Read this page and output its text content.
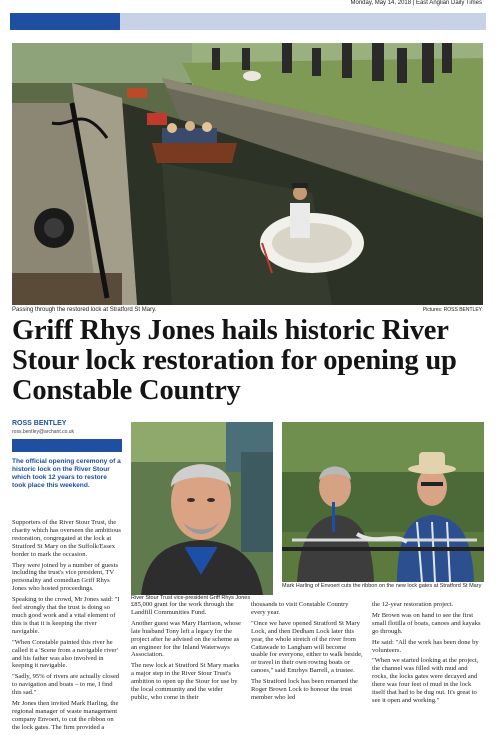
Monday, May 14, 2018 | East Anglian Daily Times
Passing through the restored lock at Stratford St Mary.	Pictures: ROSS BENTLEY
Griff Rhys Jones hails historic River Stour lock restoration for opening up Constable Country
ROSS BENTLEY
ross.bentley@archant.co.uk
The official opening ceremony of a historic lock on the River Stour which took 12 years to restore took place this weekend.

Supporters of the River Stour Trust, the charity which has overseen the ambitious restoration, congregated at the lock at Stratford St Mary on the Suffolk/Essex border to mark the occasion.

They were joined by a number of guests including the trust's vice president, TV personality and comedian Griff Rhys Jones who hosted proceedings.

Speaking to the crowd, Mr Jones said: "I feel strongly that the trust is doing so much good work and a vital element of this is that it is keeping the river navigable.

"When Constable painted this river he called it a 'Scene from a navigable river' and his father was also involved in keeping it navigable.

"Sadly, 95% of rivers are actually closed to navigation and boats – to me, I find this sad."

Mr Jones then invited Mark Harling, the regional manager of waste management company Envoert, to cut the ribbon on the lock gates. The firm provided a

River Stour Trust vice-president Griff Rhys Jones
Mark Harling of Envoert cuts the ribbon on the new lock gates at Stratford St Mary

£85,000 grant for the work through the Landfill Communities Fund.

Another guest was Mary Harrison, whose late husband Tony left a legacy for the project after he advised on the scheme as an engineer for the Inland Waterways Association.

The new lock at Stratford St Mary marks a major step in the River Stour Trust's ambition to open up the Stour for use by the local community and the wider public, who come in their

thousands to visit Constable Country every year.

"Once we have opened Stratford St Mary Lock, and then Dedham Lock later this year, the whole stretch of the river from Cattawade to Langham will become usable for everyone, either to walk beside, or travel in their own rowing boats or canoes," said Emrhys Barrell, a trustee.

The Stratford lock has been renamed the Roger Brown Lock to honour the trust member who led

the 12-year restoration project.

Mr Brown was on hand to see the first small flotilla of boats, canoes and kayaks go through.

He said: "All the work has been done by volunteers.

"When we started looking at the project, the channel was filled with mud and rocks, the locks gates were decayed and there was four feet of mud in the lock itself that had to be dug out. It's great to see it open and working."
